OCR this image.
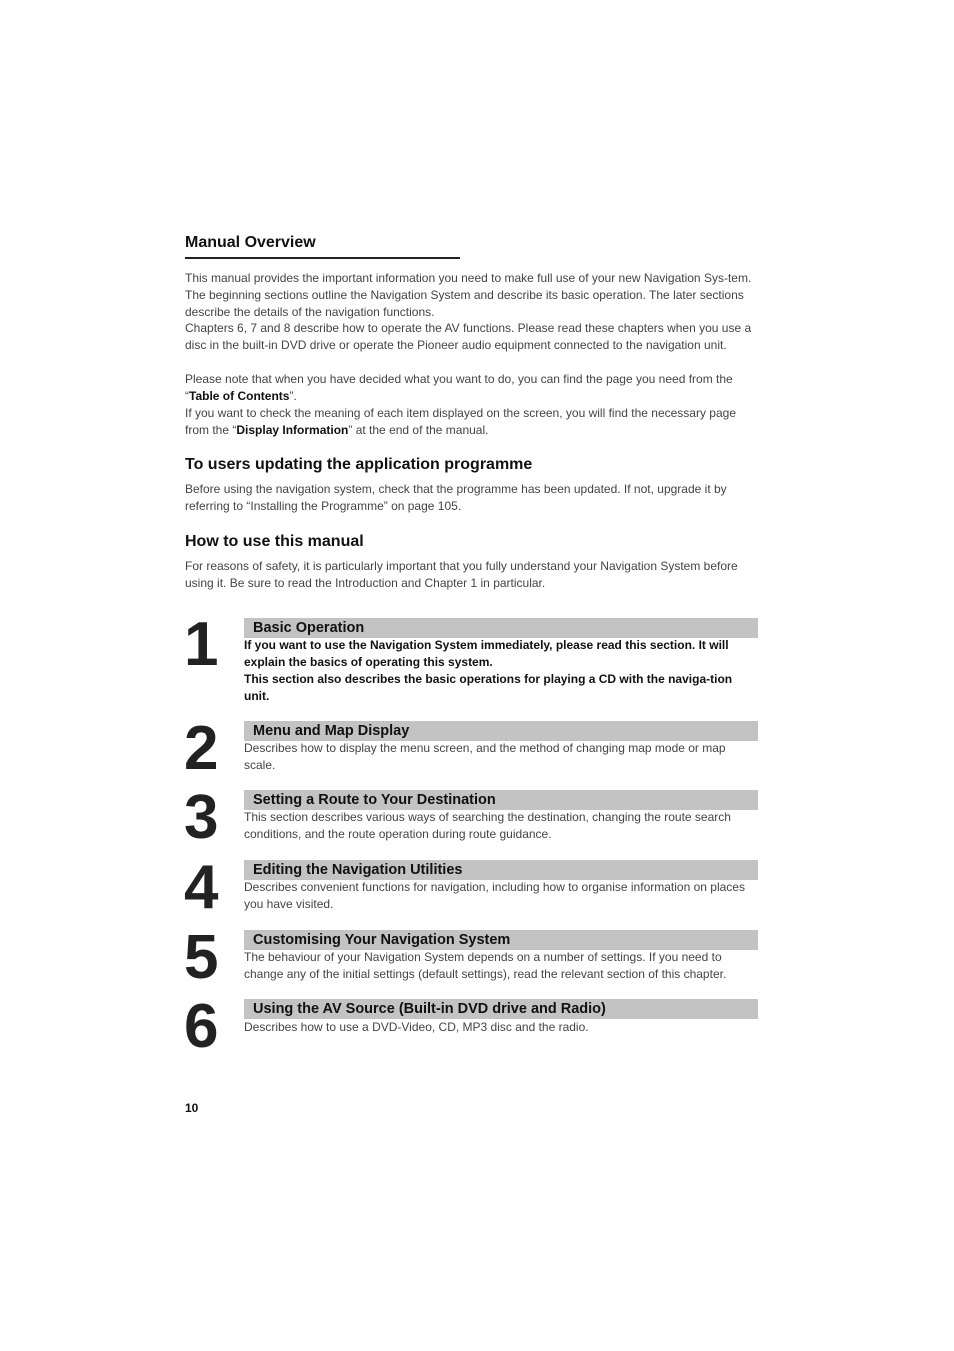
Manual Overview

This manual provides the important information you need to make full use of your new Navigation Sys-tem. The beginning sections outline the Navigation System and describe its basic operation. The later sections describe the details of the navigation functions.

Chapters 6, 7 and 8 describe how to operate the AV functions. Please read these chapters when you use a disc in the built-in DVD drive or operate the Pioneer audio equipment connected to the navigation unit.

Please note that when you have decided what you want to do, you can find the page you need from the “Table of Contents”.

If you want to check the meaning of each item displayed on the screen, you will find the necessary page from the “Display Information” at the end of the manual.

To users updating the application programme

Before using the navigation system, check that the programme has been updated. If not, upgrade it by referring to “Installing the Programme” on page 105.

How to use this manual

For reasons of safety, it is particularly important that you fully understand your Navigation System before using it. Be sure to read the Introduction and Chapter 1 in particular.

1	Basic Operation

If you want to use the Navigation System immediately, please read this section. It will explain the basics of operating this system.

This section also describes the basic operations for playing a CD with the naviga-tion unit.

2	Menu and Map Display

Describes how to display the menu screen, and the method of changing map mode or map scale.

3	Setting a Route to Your Destination

This section describes various ways of searching the destination, changing the route search conditions, and the route operation during route guidance.

4	Editing the Navigation Utilities

Describes convenient functions for navigation, including how to organise information on places you have visited.

5	Customising Your Navigation System

The behaviour of your Navigation System depends on a number of settings. If you need to change any of the initial settings (default settings), read the relevant section of this chapter.

6	Using the AV Source (Built-in DVD drive and Radio)

Describes how to use a DVD-Video, CD, MP3 disc and the radio.

10
